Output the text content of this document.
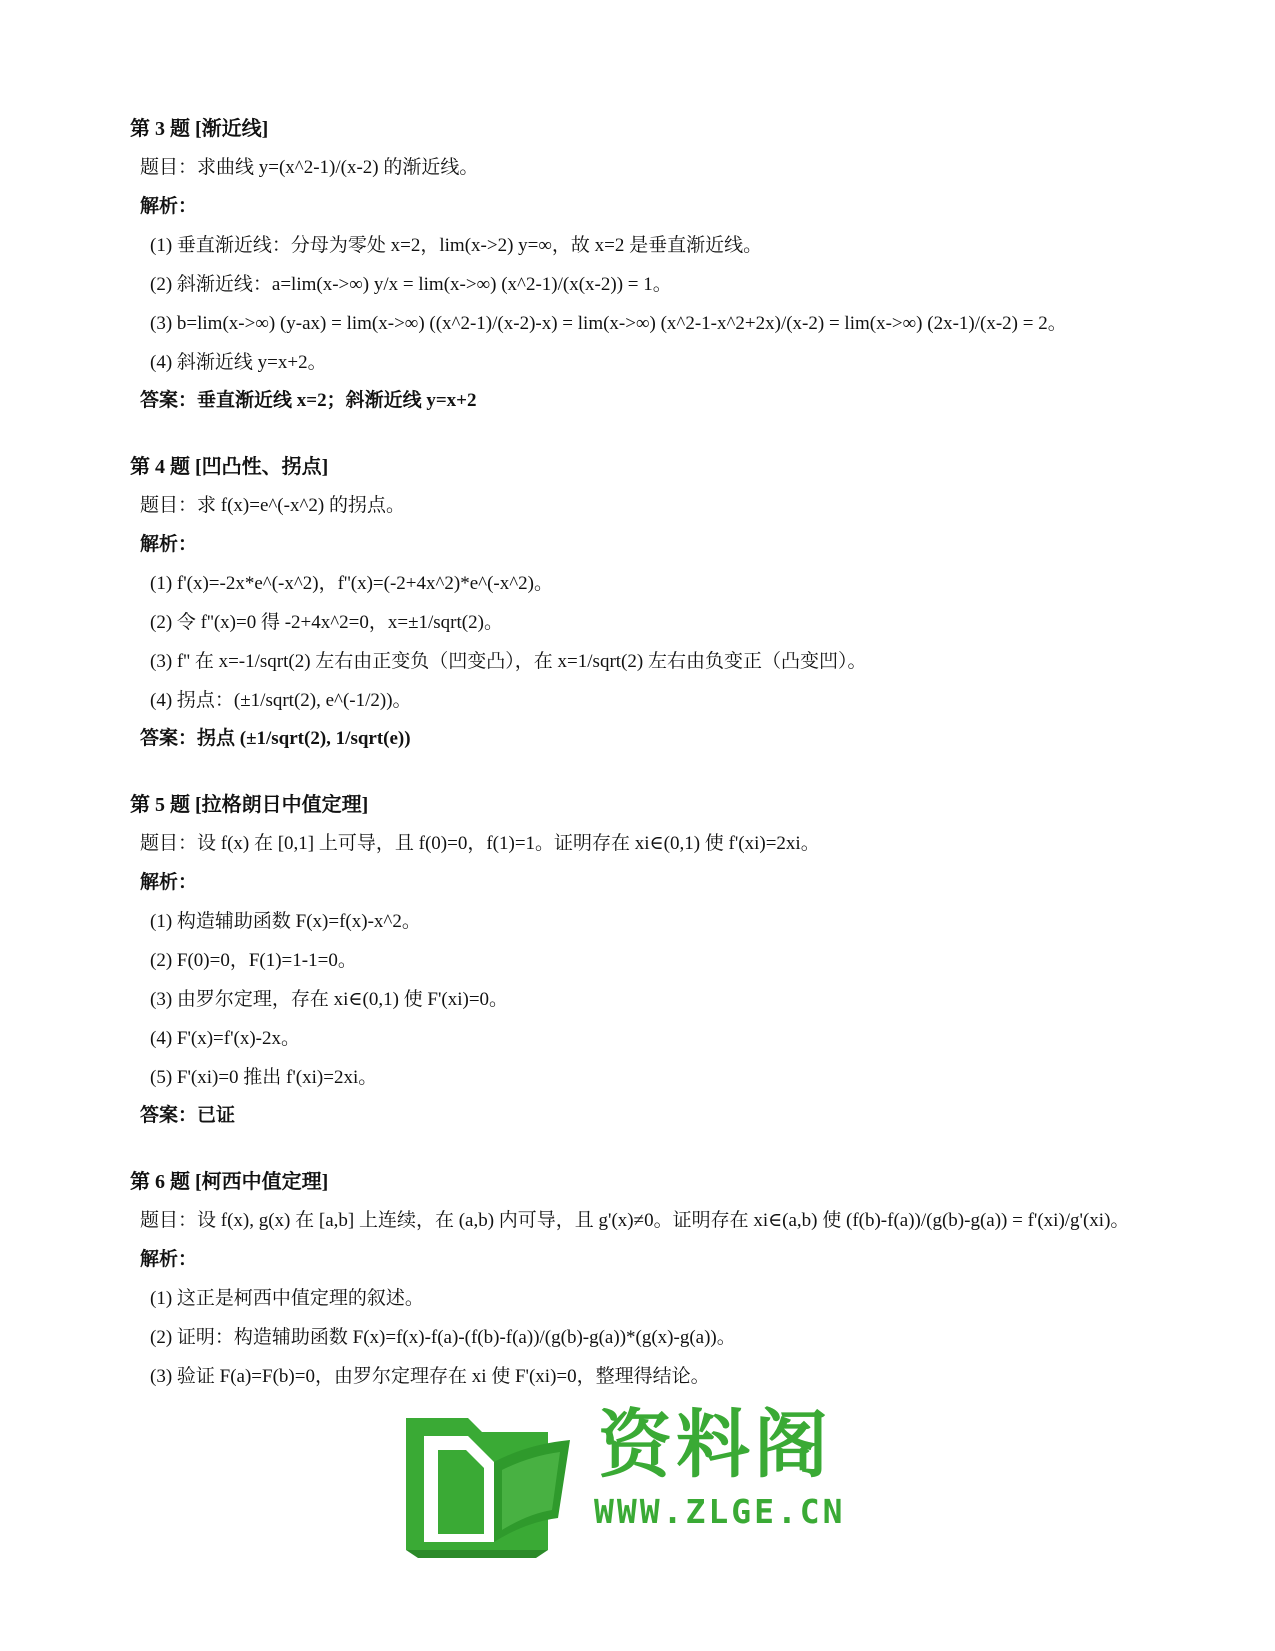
第 3 题 [渐近线]
题目：求曲线 y=(x^2-1)/(x-2) 的渐近线。
解析：
(1) 垂直渐近线：分母为零处 x=2，lim(x->2) y=∞，故 x=2 是垂直渐近线。
(2) 斜渐近线：a=lim(x->∞) y/x = lim(x->∞) (x^2-1)/(x(x-2)) = 1。
(3) b=lim(x->∞) (y-ax) = lim(x->∞) ((x^2-1)/(x-2)-x) = lim(x->∞) (x^2-1-x^2+2x)/(x-2) = lim(x->∞) (2x-1)/(x-2) = 2。
(4) 斜渐近线 y=x+2。
答案：垂直渐近线 x=2；斜渐近线 y=x+2
第 4 题 [凹凸性、拐点]
题目：求 f(x)=e^(-x^2) 的拐点。
解析：
(1) f'(x)=-2x*e^(-x^2)，f''(x)=(-2+4x^2)*e^(-x^2)。
(2) 令 f''(x)=0 得 -2+4x^2=0，x=±1/sqrt(2)。
(3) f'' 在 x=-1/sqrt(2) 左右由正变负（凹变凸），在 x=1/sqrt(2) 左右由负变正（凸变凹）。
(4) 拐点：(±1/sqrt(2), e^(-1/2))。
答案：拐点 (±1/sqrt(2), 1/sqrt(e))
第 5 题 [拉格朗日中值定理]
题目：设 f(x) 在 [0,1] 上可导，且 f(0)=0，f(1)=1。证明存在 xi∈(0,1) 使 f'(xi)=2xi。
解析：
(1) 构造辅助函数 F(x)=f(x)-x^2。
(2) F(0)=0，F(1)=1-1=0。
(3) 由罗尔定理，存在 xi∈(0,1) 使 F'(xi)=0。
(4) F'(x)=f'(x)-2x。
(5) F'(xi)=0 推出 f'(xi)=2xi。
答案：已证
第 6 题 [柯西中值定理]
题目：设 f(x), g(x) 在 [a,b] 上连续，在 (a,b) 内可导，且 g'(x)≠0。证明存在 xi∈(a,b) 使 (f(b)-f(a))/(g(b)-g(a)) = f'(xi)/g'(xi)。
解析：
(1) 这正是柯西中值定理的叙述。
(2) 证明：构造辅助函数 F(x)=f(x)-f(a)-(f(b)-f(a))/(g(b)-g(a))*(g(x)-g(a))。
(3) 验证 F(a)=F(b)=0，由罗尔定理存在 xi 使 F'(xi)=0，整理得结论。
资料阁
WWW.ZLGE.CN
